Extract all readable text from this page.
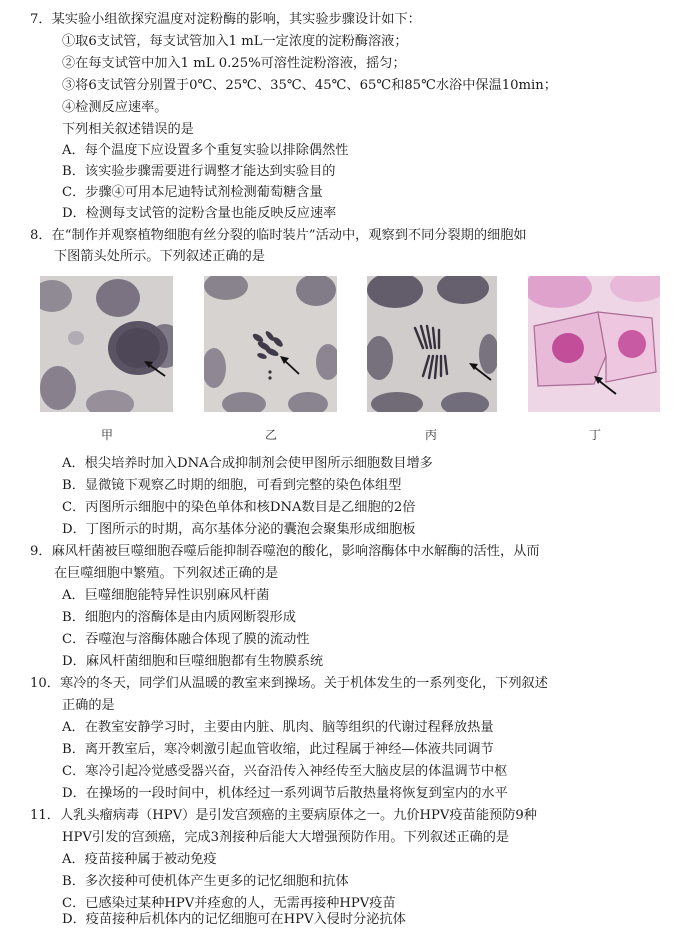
7．某实验小组欲探究温度对淀粉酶的影响，其实验步骤设计如下：
①取6支试管，每支试管加入1 mL一定浓度的淀粉酶溶液；
②在每支试管中加入1 mL 0.25%可溶性淀粉溶液，摇匀；
③将6支试管分别置于0℃、25℃、35℃、45℃、65℃和85℃水浴中保温10min；
④检测反应速率。
下列相关叙述错误的是
A．每个温度下应设置多个重复实验以排除偶然性
B．该实验步骤需要进行调整才能达到实验目的
C．步骤④可用本尼迪特试剂检测葡萄糖含量
D．检测每支试管的淀粉含量也能反映反应速率
8．在“制作并观察植物细胞有丝分裂的临时装片”活动中，观察到不同分裂期的细胞如
下图箭头处所示。下列叙述正确的是
甲	乙	丙	丁
A．根尖培养时加入DNA合成抑制剂会使甲图所示细胞数目增多
B．显微镜下观察乙时期的细胞，可看到完整的染色体组型
C．丙图所示细胞中的染色单体和核DNA数目是乙细胞的2倍
D．丁图所示的时期，高尔基体分泌的囊泡会聚集形成细胞板
9．麻风杆菌被巨噬细胞吞噬后能抑制吞噬泡的酸化，影响溶酶体中水解酶的活性，从而
在巨噬细胞中繁殖。下列叙述正确的是
A．巨噬细胞能特异性识别麻风杆菌
B．细胞内的溶酶体是由内质网断裂形成
C．吞噬泡与溶酶体融合体现了膜的流动性
D．麻风杆菌细胞和巨噬细胞都有生物膜系统
10．寒冷的冬天，同学们从温暖的教室来到操场。关于机体发生的一系列变化，下列叙述
正确的是
A．在教室安静学习时，主要由内脏、肌肉、脑等组织的代谢过程释放热量
B．离开教室后，寒冷刺激引起血管收缩，此过程属于神经—体液共同调节
C．寒冷引起冷觉感受器兴奋，兴奋沿传入神经传至大脑皮层的体温调节中枢
D．在操场的一段时间中，机体经过一系列调节后散热量将恢复到室内的水平
11．人乳头瘤病毒（HPV）是引发宫颈癌的主要病原体之一。九价HPV疫苗能预防9种
HPV引发的宫颈癌，完成3剂接种后能大大增强预防作用。下列叙述正确的是
A．疫苗接种属于被动免疫
B．多次接种可使机体产生更多的记忆细胞和抗体
C．已感染过某种HPV并痊愈的人，无需再接种HPV疫苗
D．疫苗接种后机体内的记忆细胞可在HPV入侵时分泌抗体
